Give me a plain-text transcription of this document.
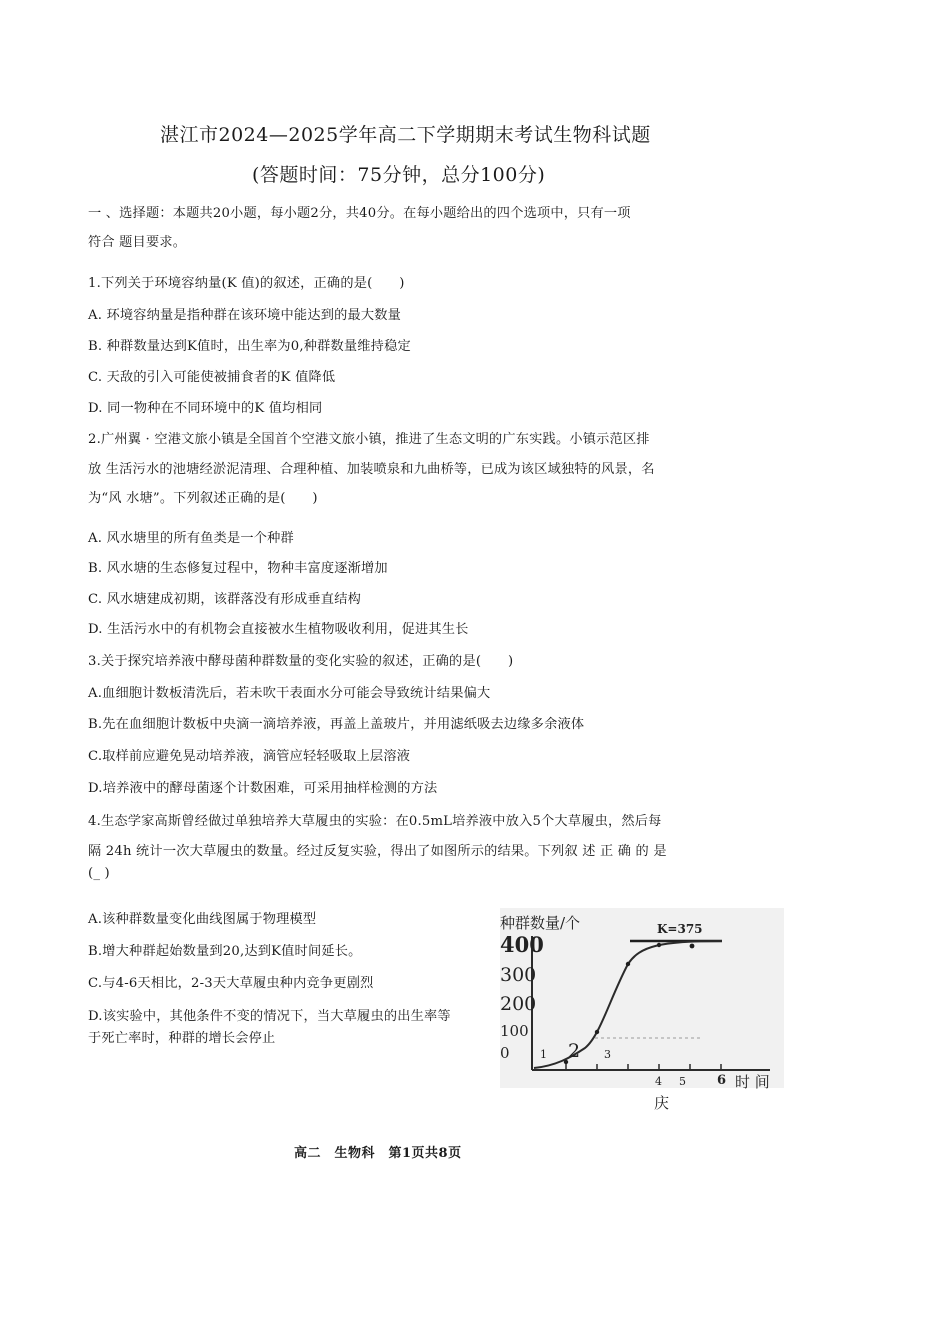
湛江市2024—2025学年高二下学期期末考试生物科试题
(答题时间：75分钟，总分100分)
一 、选择题：本题共20小题，每小题2分，共40分。在每小题给出的四个选项中，只有一项
符合 题目要求。
1.下列关于环境容纳量(K 值)的叙述，正确的是(　　)
A. 环境容纳量是指种群在该环境中能达到的最大数量
B. 种群数量达到K值时，出生率为0,种群数量维持稳定
C. 天敌的引入可能使被捕食者的K 值降低
D. 同一物种在不同环境中的K 值均相同
2.广州翼 · 空港文旅小镇是全国首个空港文旅小镇，推进了生态文明的广东实践。小镇示范区排
放 生活污水的池塘经淤泥清理、合理种植、加装喷泉和九曲桥等，已成为该区域独特的风景，名
为“风 水塘”。下列叙述正确的是(　　)
A. 风水塘里的所有鱼类是一个种群
B. 风水塘的生态修复过程中，物种丰富度逐渐增加
C. 风水塘建成初期，该群落没有形成垂直结构
D. 生活污水中的有机物会直接被水生植物吸收利用，促进其生长
3.关于探究培养液中酵母菌种群数量的变化实验的叙述，正确的是(　　)
A.血细胞计数板清洗后，若未吹干表面水分可能会导致统计结果偏大
B.先在血细胞计数板中央滴一滴培养液，再盖上盖玻片，并用滤纸吸去边缘多余液体
C.取样前应避免晃动培养液，滴管应轻轻吸取上层溶液
D.培养液中的酵母菌逐个计数困难，可采用抽样检测的方法
4.生态学家高斯曾经做过单独培养大草履虫的实验：在0.5mL培养液中放入5个大草履虫，然后每
隔 24h 统计一次大草履虫的数量。经过反复实验，得出了如图所示的结果。下列叙 述 正 确 的 是
(_ )
A.该种群数量变化曲线图属于物理模型
B.增大种群起始数量到20,达到K值时间延长。
C.与4-6天相比，2-3天大草履虫种内竞争更剧烈
D.该实验中，其他条件不变的情况下，当大草履虫的出生率等
于死亡率时，种群的增长会停止
种群数量/个	K=375
400
300
200
100
0	1 2 3
4 5 6 时 间
庆
高二　生物科　第1页共8页
